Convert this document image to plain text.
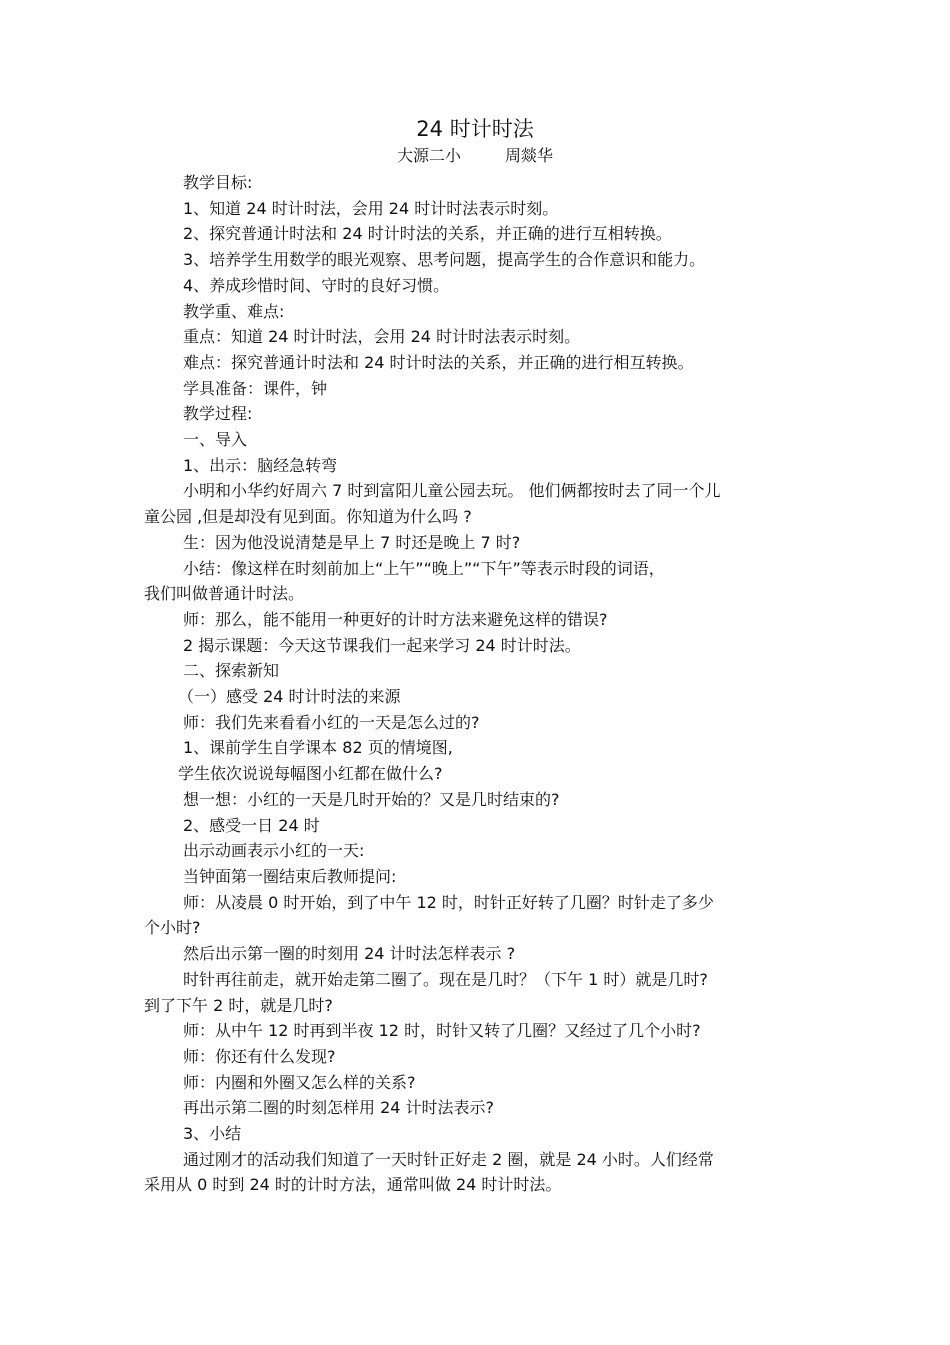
24 时计时法
大源二小	周燚华

教学目标:

1、知道 24 时计时法，会用 24 时计时法表示时刻。

2、探究普通计时法和 24 时计时法的关系，并正确的进行互相转换。

3、培养学生用数学的眼光观察、思考问题，提高学生的合作意识和能力。

4、养成珍惜时间、守时的良好习惯。

教学重、难点:

重点：知道 24 时计时法，会用 24 时计时法表示时刻。

难点：探究普通计时法和 24 时计时法的关系，并正确的进行相互转换。

学具准备：课件，钟

教学过程:

一、导入

1、出示：脑经急转弯

小明和小华约好周六 7 时到富阳儿童公园去玩。 他们俩都按时去了同一个儿

童公园 ,但是却没有见到面。你知道为什么吗 ?

生：因为他没说清楚是早上 7 时还是晚上 7 时?

小结：像这样在时刻前加上“上午”“晚上”“下午”等表示时段的词语，

我们叫做普通计时法。

师：那么，能不能用一种更好的计时方法来避免这样的错误?

2 揭示课题：今天这节课我们一起来学习 24 时计时法。

二、探索新知

（一）感受 24 时计时法的来源

师：我们先来看看小红的一天是怎么过的?

1、课前学生自学课本 82 页的情境图,

学生依次说说每幅图小红都在做什么?

想一想：小红的一天是几时开始的？又是几时结束的?

2、感受一日 24 时

出示动画表示小红的一天:

当钟面第一圈结束后教师提问:

师：从凌晨 0 时开始，到了中午 12 时，时针正好转了几圈？时针走了多少

个小时?

然后出示第一圈的时刻用 24 计时法怎样表示 ?

时针再往前走，就开始走第二圈了。现在是几时？（下午 1 时）就是几时?

到了下午 2 时，就是几时?

师：从中午 12 时再到半夜 12 时，时针又转了几圈？又经过了几个小时?

师：你还有什么发现?

师：内圈和外圈又怎么样的关系?

再出示第二圈的时刻怎样用 24 计时法表示?

3、小结

通过刚才的活动我们知道了一天时针正好走 2 圈，就是 24 小时。人们经常

采用从 0 时到 24 时的计时方法，通常叫做 24 时计时法。
